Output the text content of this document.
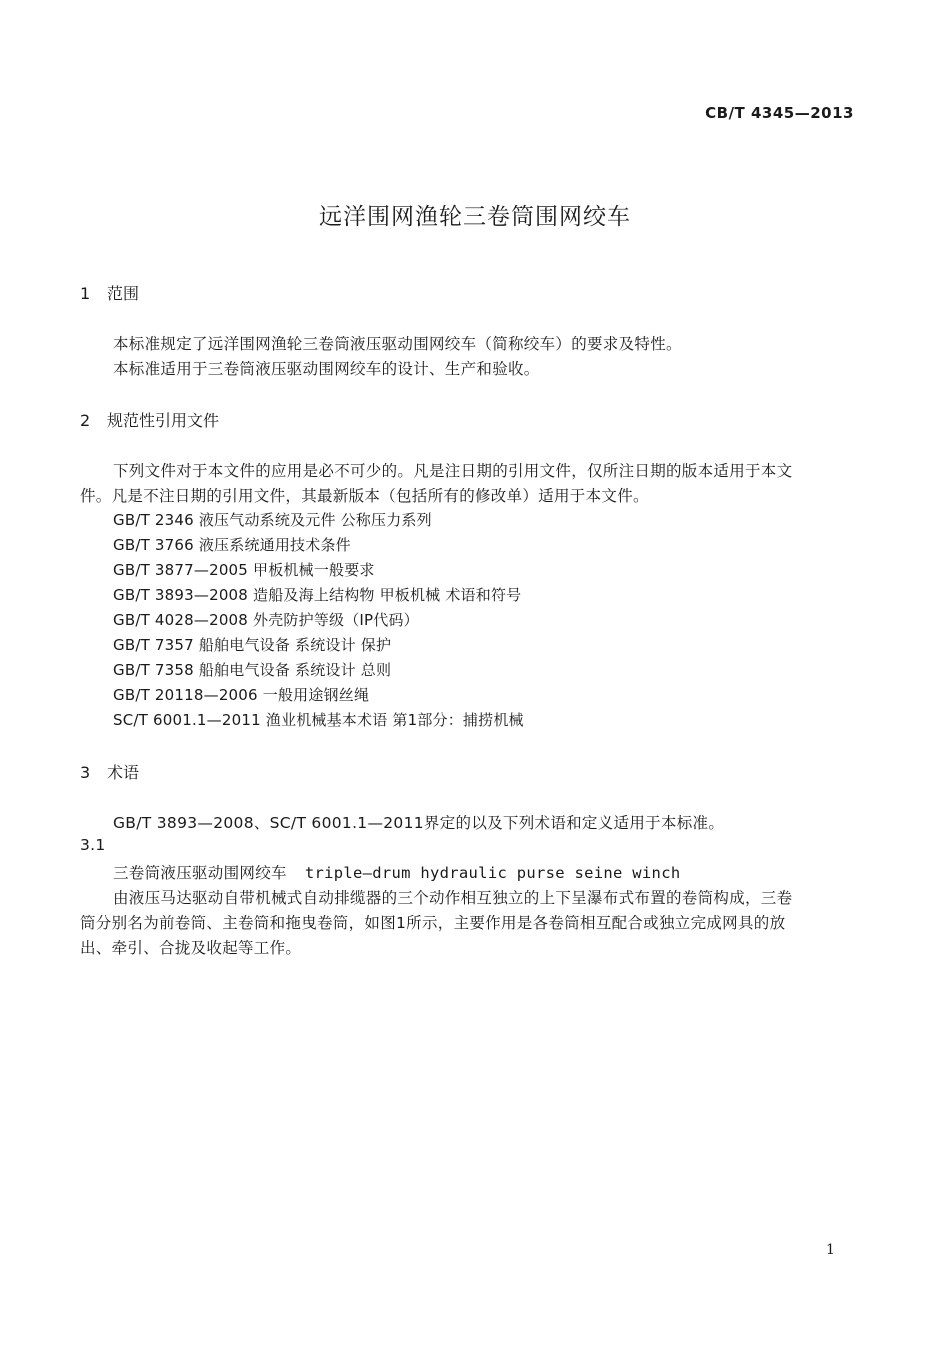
CB/T 4345—2013
远洋围网渔轮三卷筒围网绞车
1 范围
本标准规定了远洋围网渔轮三卷筒液压驱动围网绞车（简称绞车）的要求及特性。
本标准适用于三卷筒液压驱动围网绞车的设计、生产和验收。
2 规范性引用文件
下列文件对于本文件的应用是必不可少的。凡是注日期的引用文件，仅所注日期的版本适用于本文
件。凡是不注日期的引用文件，其最新版本（包括所有的修改单）适用于本文件。
GB/T 2346 液压气动系统及元件 公称压力系列
GB/T 3766 液压系统通用技术条件
GB/T 3877—2005 甲板机械一般要求
GB/T 3893—2008 造船及海上结构物 甲板机械 术语和符号
GB/T 4028—2008 外壳防护等级（IP代码）
GB/T 7357 船舶电气设备 系统设计 保护
GB/T 7358 船舶电气设备 系统设计 总则
GB/T 20118—2006 一般用途钢丝绳
SC/T 6001.1—2011 渔业机械基本术语 第1部分：捕捞机械
3 术语
GB/T 3893—2008、SC/T 6001.1—2011界定的以及下列术语和定义适用于本标准。
3.1
三卷筒液压驱动围网绞车 triple—drum hydraulic purse seine winch
由液压马达驱动自带机械式自动排缆器的三个动作相互独立的上下呈瀑布式布置的卷筒构成，三卷
筒分别名为前卷筒、主卷筒和拖曳卷筒，如图1所示，主要作用是各卷筒相互配合或独立完成网具的放
出、牵引、合拢及收起等工作。
1
